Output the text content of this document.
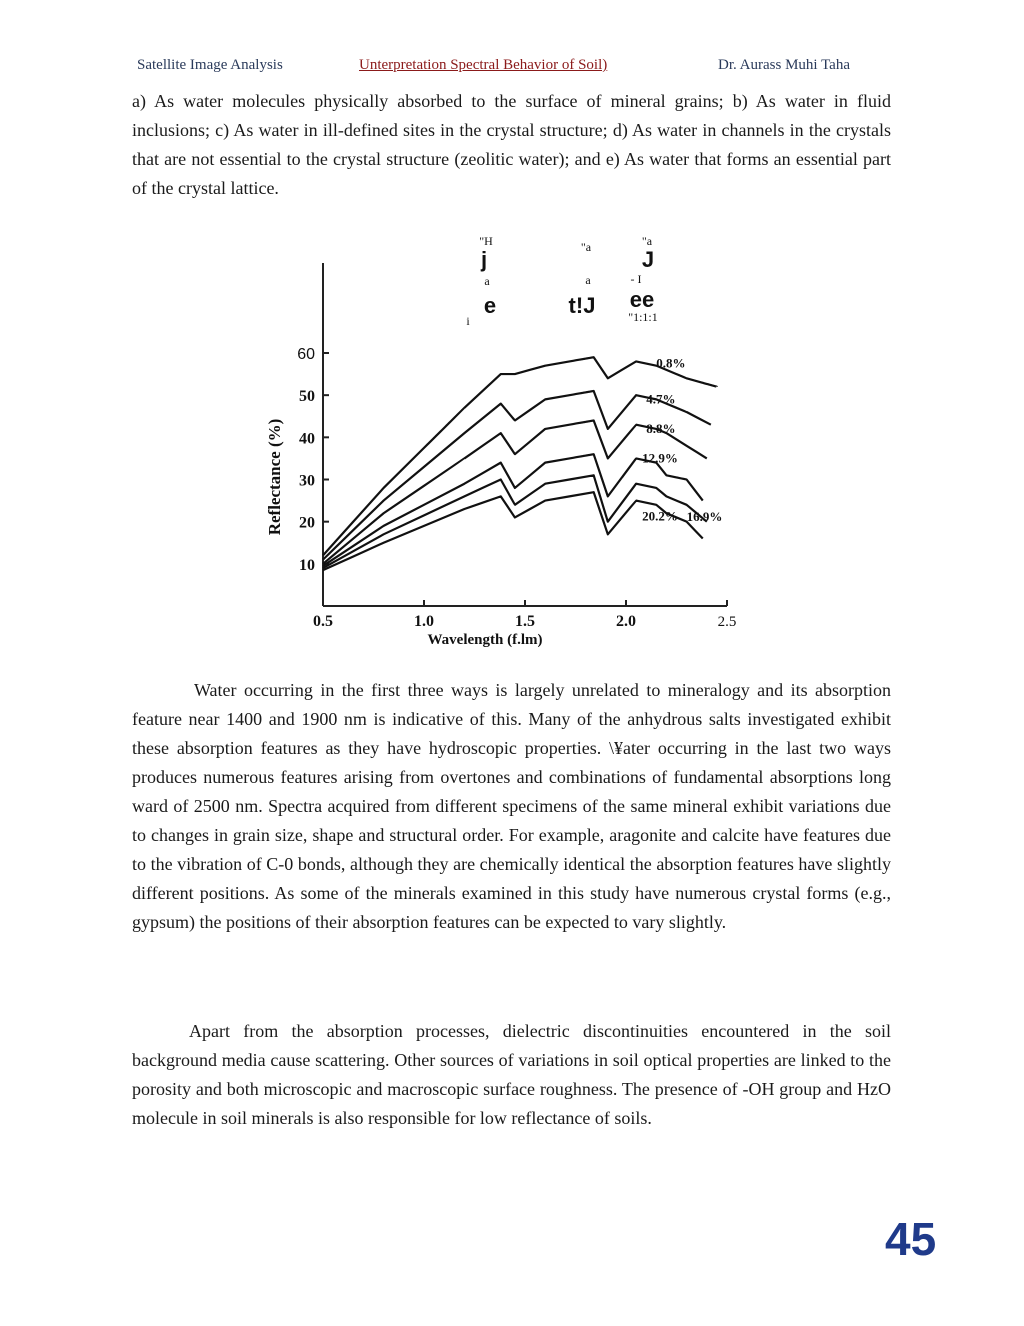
Satellite Image Analysis	Unterpretation Spectral Behavior of Soil)	Dr. Aurass Muhi Taha

a) As water molecules physically absorbed to the surface of mineral grains; b) As water in fluid inclusions; c) As water in ill-defined sites in the crystal structure; d) As water in channels in the crystals that are not essential to the crystal structure (zeolitic water); and e) As water that forms an essential part of the crystal lattice.

10
20
30
40
50
60
0.5	1.0	1.5	2.0	2.5
Wavelength (f.lm)
Reflectance (%)
0.8%
4.7%
8.8%
12.9%
16.9%
20.2%
"H
j
a
e
i
"a
a
t!J
"a
J
- I
ee
"1:1:1

Water occurring in the first three ways is largely unrelated to mineralogy and its absorption feature near 1400 and 1900 nm is indicative of this. Many of the anhydrous salts investigated exhibit these absorption features as they have hydroscopic properties. \¥ater occurring in the last two ways produces numerous features arising from overtones and combinations of fundamental absorptions long ward of 2500 nm. Spectra acquired from different specimens of the same mineral exhibit variations due to changes in grain size, shape and structural order. For example, aragonite and calcite have features due to the vibration of C-0 bonds, although they are chemically identical the absorption features have slightly different positions. As some of the minerals examined in this study have numerous crystal forms (e.g., gypsum) the positions of their absorption features can be expected to vary slightly.

Apart from the absorption processes, dielectric discontinuities encountered in the soil background media cause scattering. Other sources of variations in soil optical properties are linked to the porosity and both microscopic and macroscopic surface roughness. The presence of -OH group and HzO molecule in soil minerals is also responsible for low reflectance of soils.

45
